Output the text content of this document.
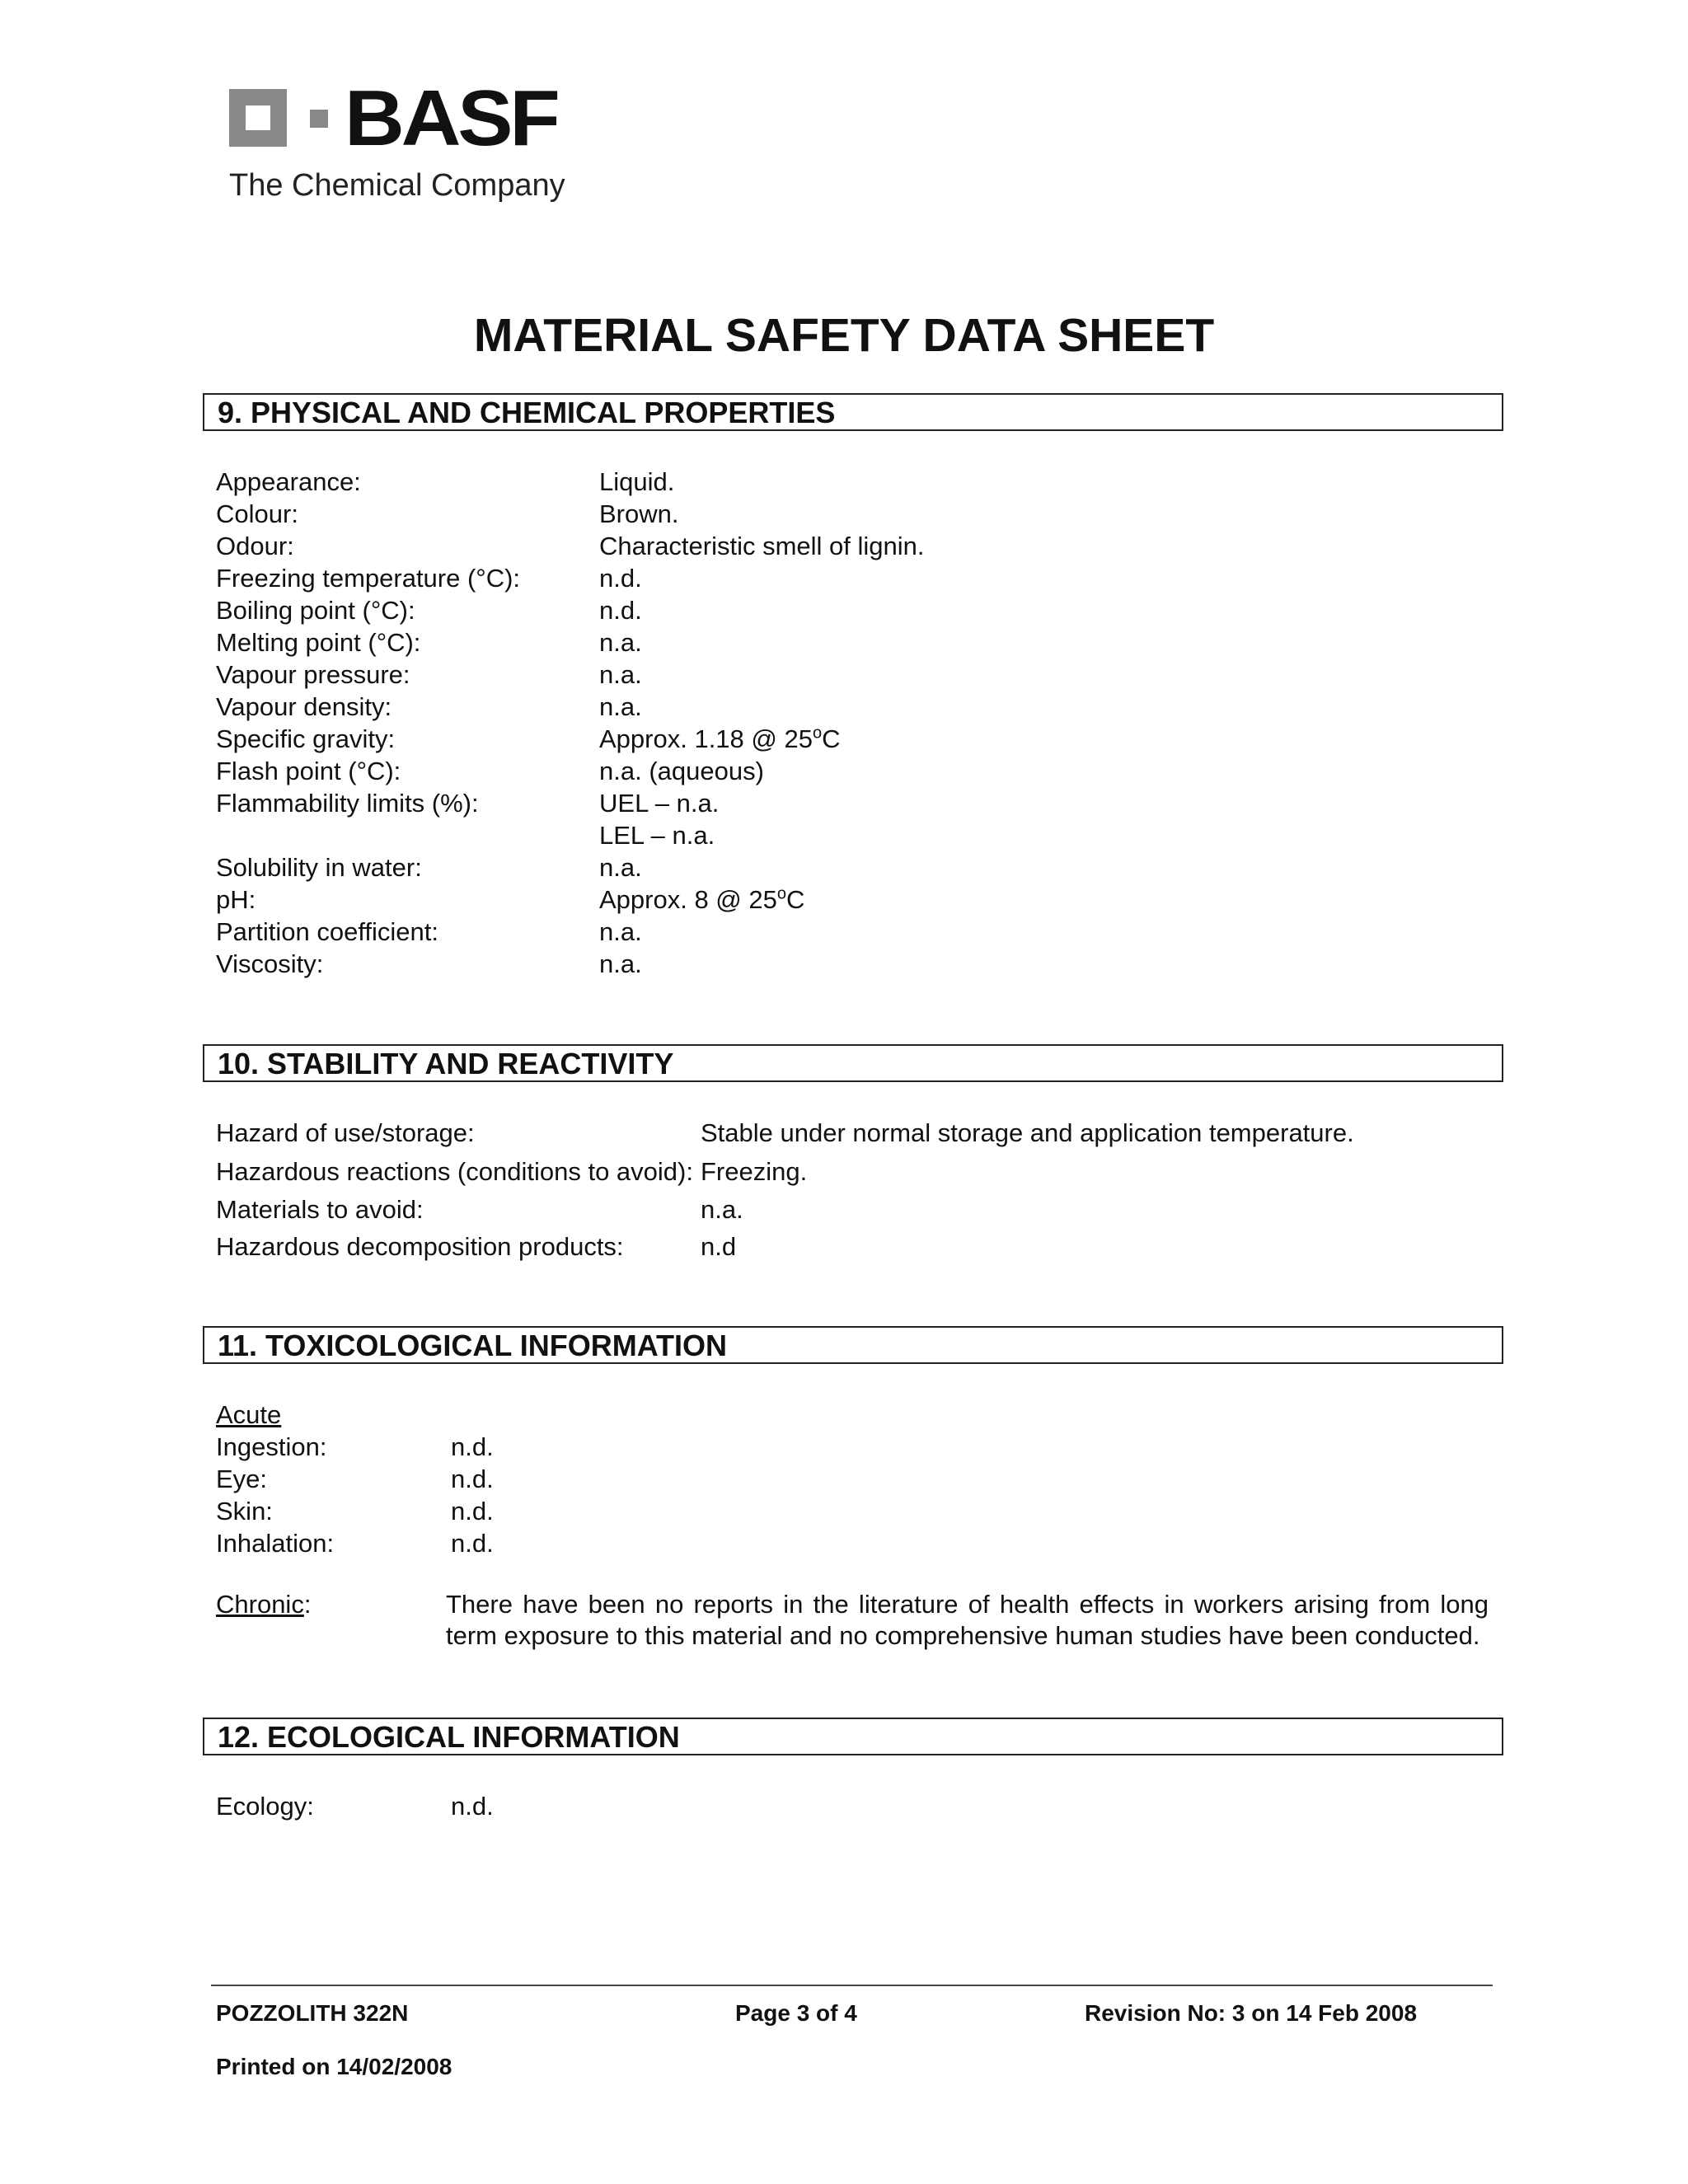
BASF
The Chemical Company
MATERIAL SAFETY DATA SHEET
9. PHYSICAL AND CHEMICAL PROPERTIES
Appearance:	Liquid.
Colour:	Brown.
Odour:	Characteristic smell of lignin.
Freezing temperature (°C):	n.d.
Boiling point (°C):	n.d.
Melting point (°C):	n.a.
Vapour pressure:	n.a.
Vapour density:	n.a.
Specific gravity:	Approx. 1.18 @ 25$^o$C
Flash point (°C):	n.a. (aqueous)
Flammability limits (%):	UEL – n.a.
LEL – n.a.
Solubility in water:	n.a.
pH:	Approx. 8 @ 25$^o$C
Partition coefficient:	n.a.
Viscosity:	n.a.
10. STABILITY AND REACTIVITY
Hazard of use/storage:	Stable under normal storage and application temperature.
Hazardous reactions (conditions to avoid): Freezing.
Materials to avoid:	n.a.
Hazardous decomposition products:	n.d
11. TOXICOLOGICAL INFORMATION
Acute
Ingestion:	n.d.
Eye:	n.d.
Skin:	n.d.
Inhalation:	n.d.
Chronic:	There have been no reports in the literature of health effects in workers arising from long term exposure to this material and no comprehensive human studies have been conducted.
12. ECOLOGICAL INFORMATION
Ecology:	n.d.
POZZOLITH 322N	Page 3 of 4	Revision No: 3 on 14 Feb 2008
Printed on 14/02/2008
